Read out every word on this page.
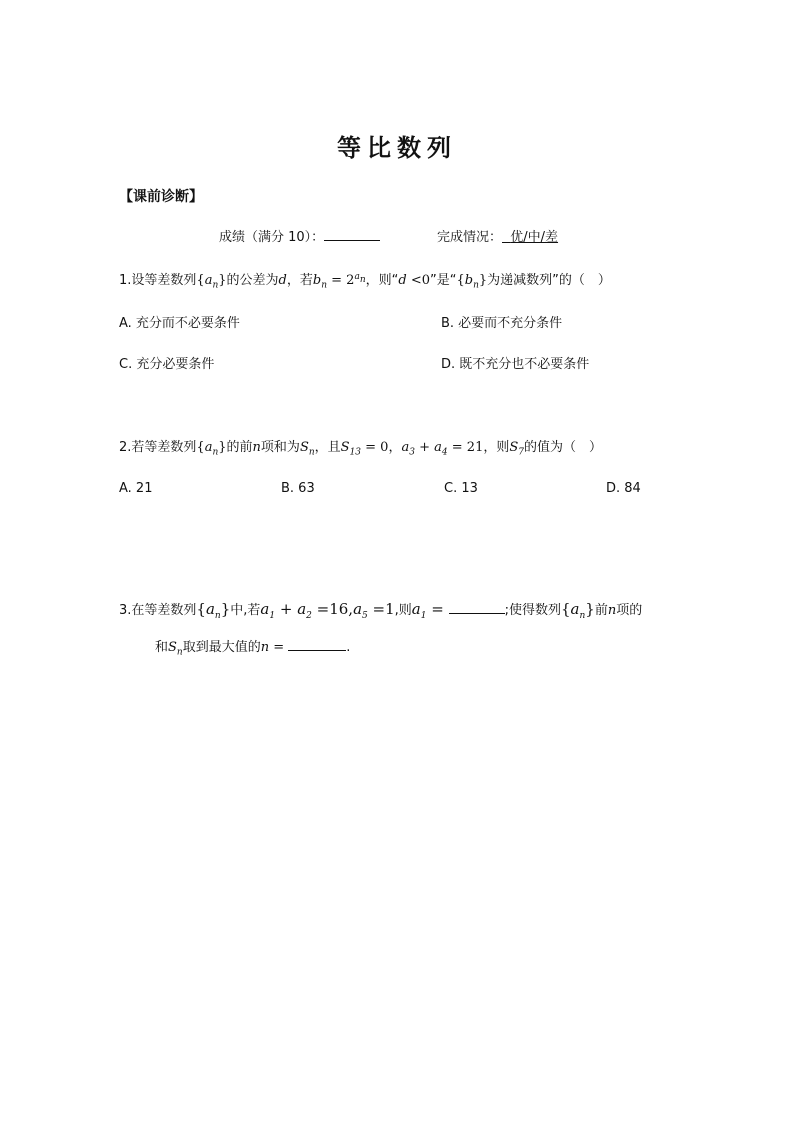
等比数列
【课前诊断】
成绩（满分 10）：	完成情况： 优/中/差
1.设等差数列$\{a_n\}$的公差为d，若$b_n = 2^{a_n}$，则“d <0”是“$\{b_n\}$为递减数列”的（　）
A. 充分而不必要条件	B. 必要而不充分条件
C. 充分必要条件	D. 既不充分也不必要条件
2.若等差数列$\{a_n\}$的前n项和为$S_n$，且$S_{13} = 0$，$a_3 + a_4 = 21$，则$S_7$的值为（　）
A. 21	B. 63	C. 13	D. 84
3.在等差数列$\{a_n\}$中,若$a_1 + a_2 =16,a_5 =1$,则$a_1$ =	;使得数列$\{a_n\}$前n项的
和$S_n$取到最大值的n =	.
